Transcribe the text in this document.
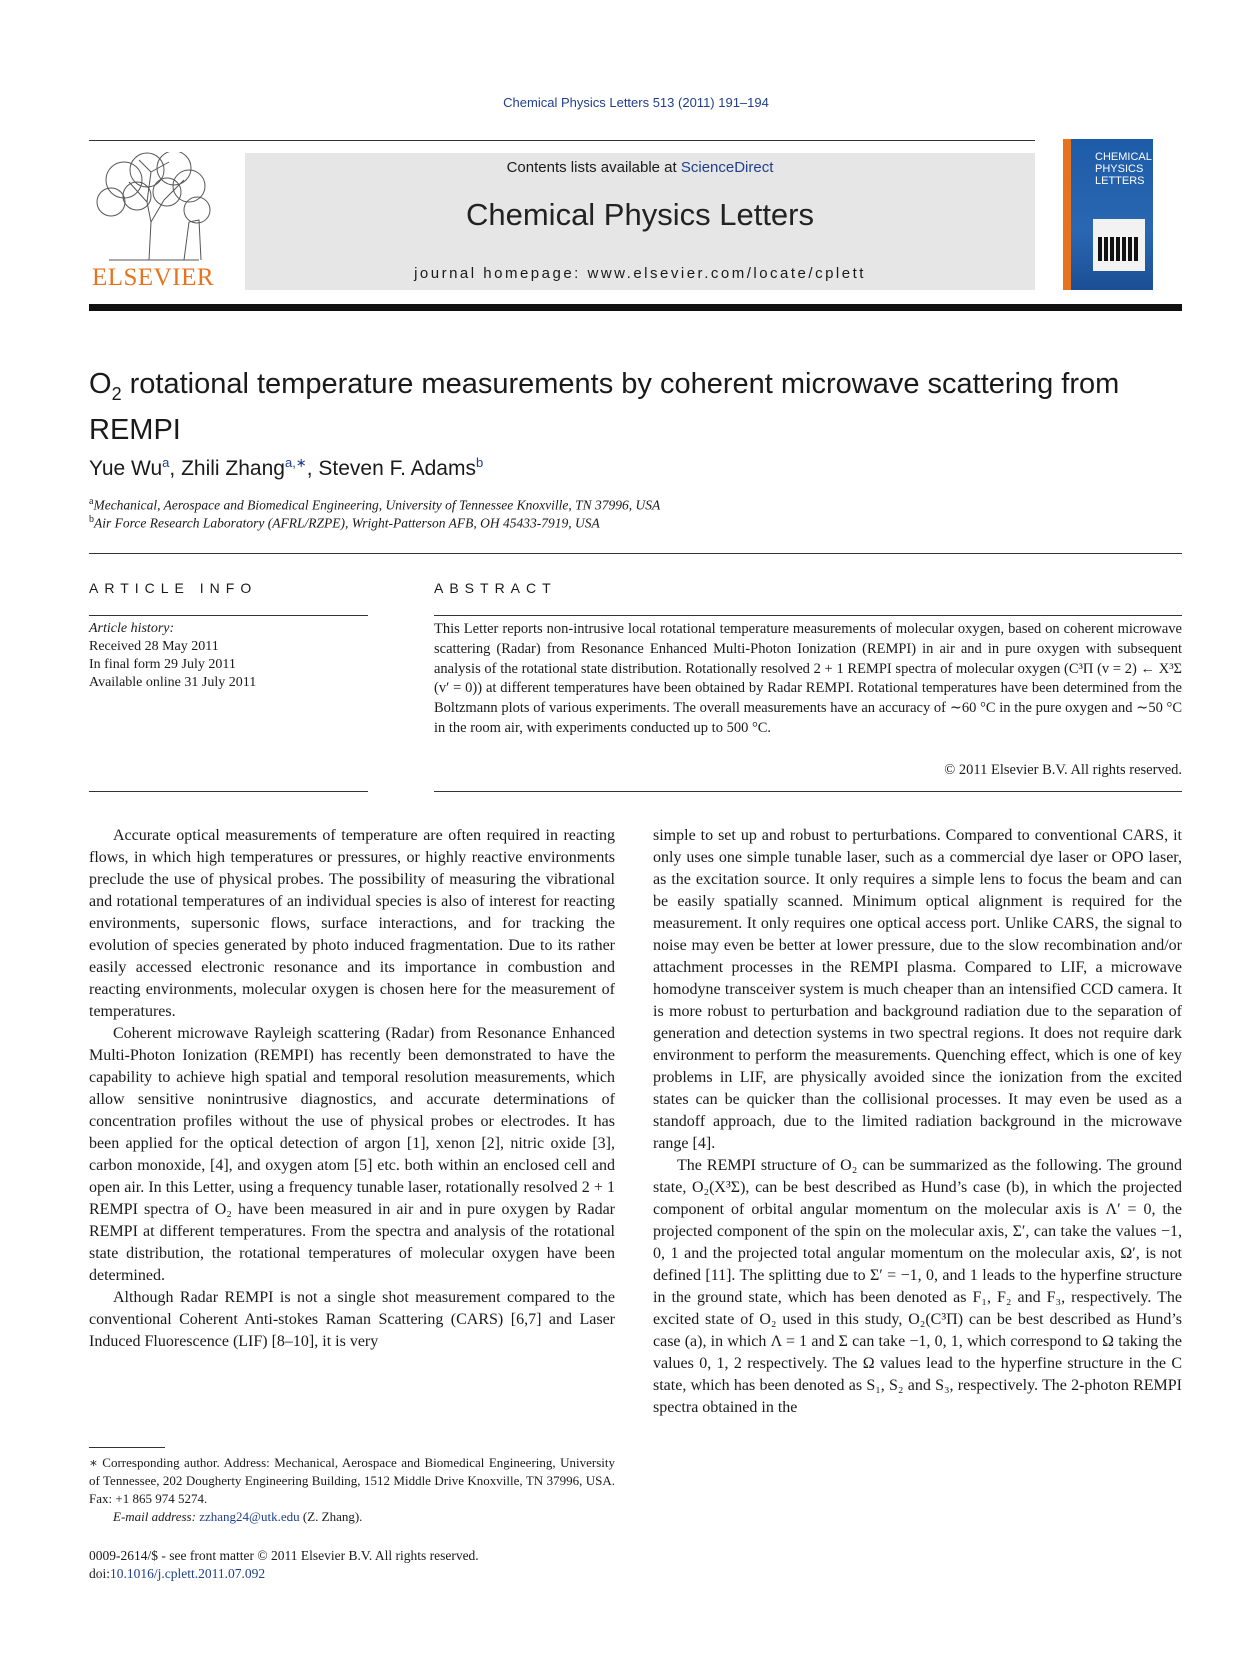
Chemical Physics Letters 513 (2011) 191–194
ELSEVIER
Contents lists available at ScienceDirect
Chemical Physics Letters
journal homepage: www.elsevier.com/locate/cplett
CHEMICAL
PHYSICS
LETTERS
$O_2$ rotational temperature measurements by coherent microwave scattering from REMPI
Yue Wu$^a$, Zhili Zhang$^{a,∗}$, Steven F. Adams$^b$
$^a$Mechanical, Aerospace and Biomedical Engineering, University of Tennessee Knoxville, TN 37996, USA
$^b$Air Force Research Laboratory (AFRL/RZPE), Wright-Patterson AFB, OH 45433-7919, USA
ARTICLE INFO	ABSTRACT
Article history:
Received 28 May 2011
In final form 29 July 2011
Available online 31 July 2011
This Letter reports non-intrusive local rotational temperature measurements of molecular oxygen, based on coherent microwave scattering (Radar) from Resonance Enhanced Multi-Photon Ionization (REMPI) in air and in pure oxygen with subsequent analysis of the rotational state distribution. Rotationally resolved 2 + 1 REMPI spectra of molecular oxygen (C³Π (v = 2) ← X³Σ (v′ = 0)) at different temperatures have been obtained by Radar REMPI. Rotational temperatures have been determined from the Boltzmann plots of various experiments. The overall measurements have an accuracy of ∼60 °C in the pure oxygen and ∼50 °C in the room air, with experiments conducted up to 500 °C.
© 2011 Elsevier B.V. All rights reserved.

Accurate optical measurements of temperature are often required in reacting flows, in which high temperatures or pressures, or highly reactive environments preclude the use of physical probes. The possibility of measuring the vibrational and rotational temperatures of an individual species is also of interest for reacting environments, supersonic flows, surface interactions, and for tracking the evolution of species generated by photo induced fragmentation. Due to its rather easily accessed electronic resonance and its importance in combustion and reacting environments, molecular oxygen is chosen here for the measurement of temperatures.

Coherent microwave Rayleigh scattering (Radar) from Resonance Enhanced Multi-Photon Ionization (REMPI) has recently been demonstrated to have the capability to achieve high spatial and temporal resolution measurements, which allow sensitive nonintrusive diagnostics, and accurate determinations of concentration profiles without the use of physical probes or electrodes. It has been applied for the optical detection of argon [1], xenon [2], nitric oxide [3], carbon monoxide, [4], and oxygen atom [5] etc. both within an enclosed cell and open air. In this Letter, using a frequency tunable laser, rotationally resolved 2 + 1 REMPI spectra of O₂ have been measured in air and in pure oxygen by Radar REMPI at different temperatures. From the spectra and analysis of the rotational state distribution, the rotational temperatures of molecular oxygen have been determined.

Although Radar REMPI is not a single shot measurement compared to the conventional Coherent Anti-stokes Raman Scattering (CARS) [6,7] and Laser Induced Fluorescence (LIF) [8–10], it is very

simple to set up and robust to perturbations. Compared to conventional CARS, it only uses one simple tunable laser, such as a commercial dye laser or OPO laser, as the excitation source. It only requires a simple lens to focus the beam and can be easily spatially scanned. Minimum optical alignment is required for the measurement. It only requires one optical access port. Unlike CARS, the signal to noise may even be better at lower pressure, due to the slow recombination and/or attachment processes in the REMPI plasma. Compared to LIF, a microwave homodyne transceiver system is much cheaper than an intensified CCD camera. It is more robust to perturbation and background radiation due to the separation of generation and detection systems in two spectral regions. It does not require dark environment to perform the measurements. Quenching effect, which is one of key problems in LIF, are physically avoided since the ionization from the excited states can be quicker than the collisional processes. It may even be used as a standoff approach, due to the limited radiation background in the microwave range [4].

The REMPI structure of O₂ can be summarized as the following. The ground state, O₂(X³Σ), can be best described as Hund’s case (b), in which the projected component of orbital angular momentum on the molecular axis is Λ′ = 0, the projected component of the spin on the molecular axis, Σ′, can take the values −1, 0, 1 and the projected total angular momentum on the molecular axis, Ω′, is not defined [11]. The splitting due to Σ′ = −1, 0, and 1 leads to the hyperfine structure in the ground state, which has been denoted as F₁, F₂ and F₃, respectively. The excited state of O₂ used in this study, O₂(C³Π) can be best described as Hund’s case (a), in which Λ = 1 and Σ can take −1, 0, 1, which correspond to Ω taking the values 0, 1, 2 respectively. The Ω values lead to the hyperfine structure in the C state, which has been denoted as S₁, S₂ and S₃, respectively. The 2-photon REMPI spectra obtained in the

∗ Corresponding author. Address: Mechanical, Aerospace and Biomedical Engineering, University of Tennessee, 202 Dougherty Engineering Building, 1512 Middle Drive Knoxville, TN 37996, USA. Fax: +1 865 974 5274.
E-mail address: zzhang24@utk.edu (Z. Zhang).
0009-2614/$ - see front matter © 2011 Elsevier B.V. All rights reserved.
doi:10.1016/j.cplett.2011.07.092
